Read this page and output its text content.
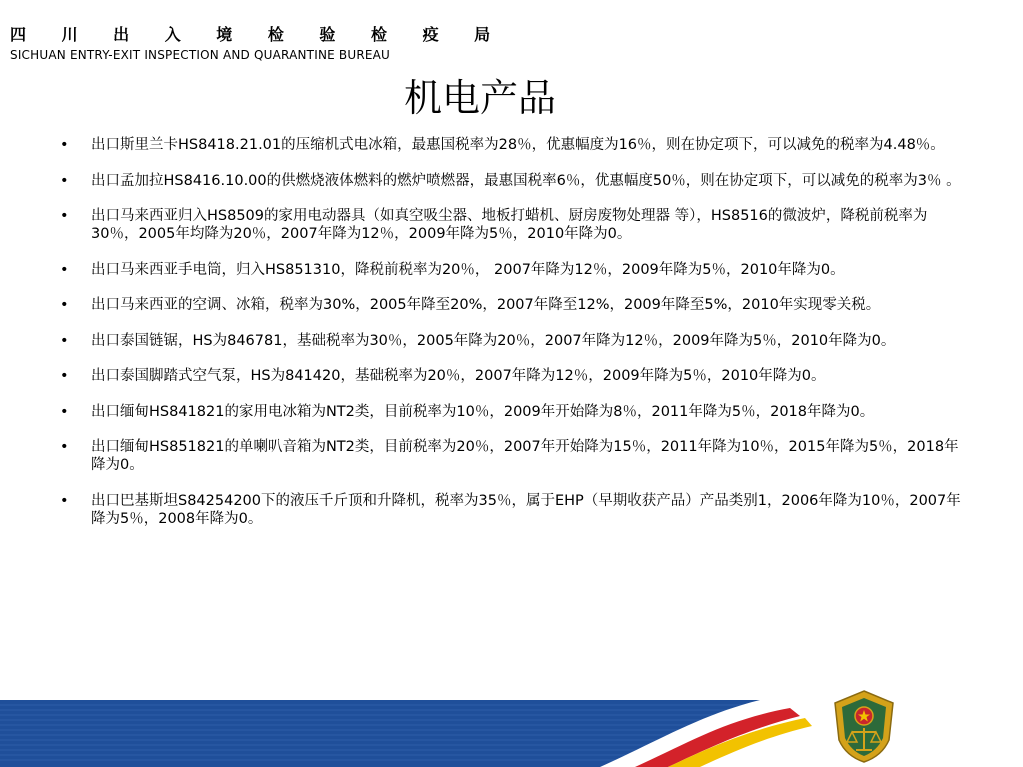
四 川 出 入 境 检 验 检 疫 局
SICHUAN ENTRY-EXIT INSPECTION AND QUARANTINE BUREAU
机电产品
• 出口斯里兰卡HS8418.21.01的压缩机式电冰箱，最惠国税率为28％，优惠幅度为16％，则在协定项下，可以减免的税率为4.48％。
• 出口孟加拉HS8416.10.00的供燃烧液体燃料的燃炉喷燃器，最惠国税率6％，优惠幅度50％，则在协定项下，可以减免的税率为3％ 。
• 出口马来西亚归入HS8509的家用电动器具（如真空吸尘器、地板打蜡机、厨房废物处理器 等），HS8516的微波炉，降税前税率为30％，2005年均降为20％，2007年降为12％，2009年降为5％，2010年降为0。
• 出口马来西亚手电筒，归入HS851310，降税前税率为20％， 2007年降为12％，2009年降为5％，2010年降为0。
• 出口马来西亚的空调、冰箱，税率为30%，2005年降至20%，2007年降至12%，2009年降至5%，2010年实现零关税。
• 出口泰国链锯，HS为846781，基础税率为30％，2005年降为20％，2007年降为12％，2009年降为5％，2010年降为0。
• 出口泰国脚踏式空气泵，HS为841420，基础税率为20％，2007年降为12％，2009年降为5％，2010年降为0。
• 出口缅甸HS841821的家用电冰箱为NT2类，目前税率为10％，2009年开始降为8％，2011年降为5％，2018年降为0。
• 出口缅甸HS851821的单喇叭音箱为NT2类，目前税率为20％，2007年开始降为15％，2011年降为10％，2015年降为5％，2018年降为0。
• 出口巴基斯坦S84254200下的液压千斤顶和升降机，税率为35％，属于EHP（早期收获产品）产品类别1，2006年降为10％，2007年降为5％，2008年降为0。
